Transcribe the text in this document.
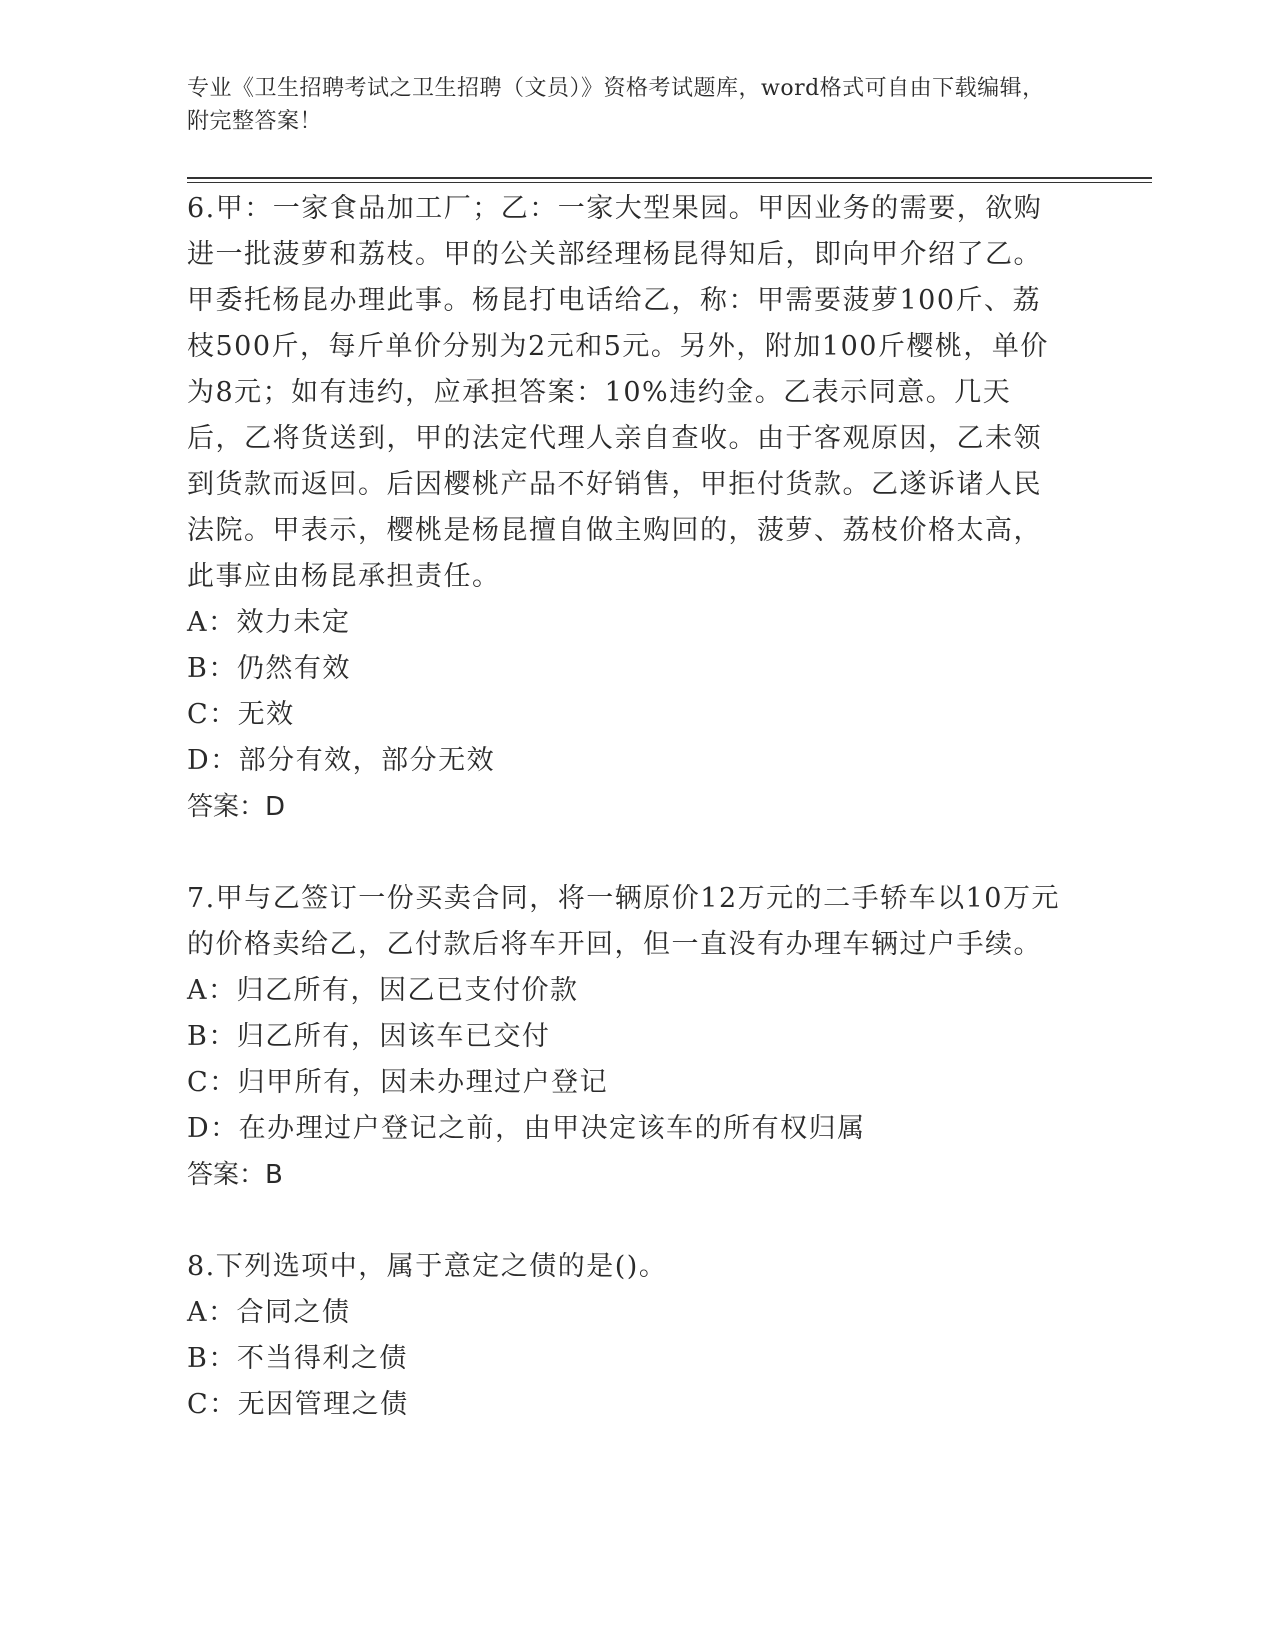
专业《卫生招聘考试之卫生招聘（文员）》资格考试题库，word格式可自由下载编辑，附完整答案！

6.甲：一家食品加工厂；乙：一家大型果园。甲因业务的需要，欲购进一批菠萝和荔枝。甲的公关部经理杨昆得知后，即向甲介绍了乙。甲委托杨昆办理此事。杨昆打电话给乙，称：甲需要菠萝100斤、荔枝500斤，每斤单价分别为2元和5元。另外，附加100斤樱桃，单价为8元；如有违约，应承担答案：10%违约金。乙表示同意。几天后，乙将货送到，甲的法定代理人亲自查收。由于客观原因，乙未领到货款而返回。后因樱桃产品不好销售，甲拒付货款。乙遂诉诸人民法院。甲表示，樱桃是杨昆擅自做主购回的，菠萝、荔枝价格太高，此事应由杨昆承担责任。

A：效力未定

B：仍然有效

C：无效

D：部分有效，部分无效

答案：D

7.甲与乙签订一份买卖合同，将一辆原价12万元的二手轿车以10万元的价格卖给乙，乙付款后将车开回，但一直没有办理车辆过户手续。

A：归乙所有，因乙已支付价款

B：归乙所有，因该车已交付

C：归甲所有，因未办理过户登记

D：在办理过户登记之前，由甲决定该车的所有权归属

答案：B

8.下列选项中，属于意定之债的是()。

A：合同之债

B：不当得利之债

C：无因管理之债
